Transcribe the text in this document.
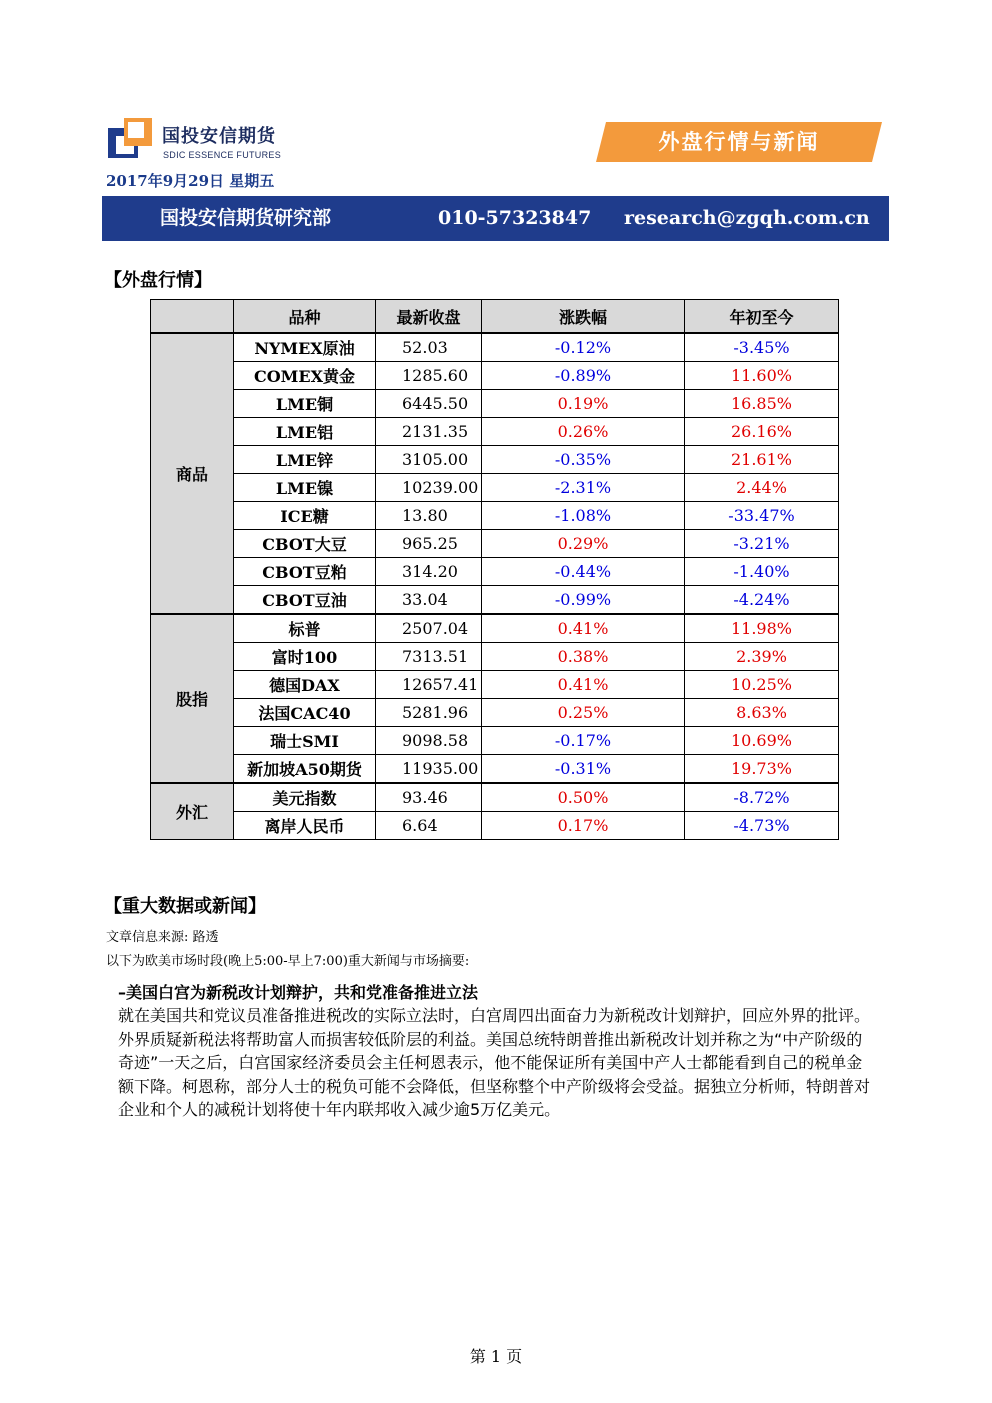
国投安信期货
SDIC ESSENCE FUTURES
2017年9月29日 星期五
外盘行情与新闻
国投安信期货研究部	010-57323847 research@zgqh.com.cn
【外盘行情】
	品种	最新收盘	涨跌幅	年初至今
商品	NYMEX原油	52.03	-0.12%	-3.45%
	COMEX黄金	1285.60	-0.89%	11.60%
	LME铜	6445.50	0.19%	16.85%
	LME铝	2131.35	0.26%	26.16%
	LME锌	3105.00	-0.35%	21.61%
	LME镍	10239.00	-2.31%	2.44%
	ICE糖	13.80	-1.08%	-33.47%
	CBOT大豆	965.25	0.29%	-3.21%
	CBOT豆粕	314.20	-0.44%	-1.40%
	CBOT豆油	33.04	-0.99%	-4.24%
股指	标普	2507.04	0.41%	11.98%
	富时100	7313.51	0.38%	2.39%
	德国DAX	12657.41	0.41%	10.25%
	法国CAC40	5281.96	0.25%	8.63%
	瑞士SMI	9098.58	-0.17%	10.69%
	新加坡A50期货	11935.00	-0.31%	19.73%
外汇	美元指数	93.46	0.50%	-8.72%
	离岸人民币	6.64	0.17%	-4.73%
【重大数据或新闻】
文章信息来源: 路透
以下为欧美市场时段(晚上5:00-早上7:00)重大新闻与市场摘要:
–美国白宫为新税改计划辩护，共和党准备推进立法

就在美国共和党议员准备推进税改的实际立法时，白宫周四出面奋力为新税改计划辩护，回应外界的批评。外界质疑新税法将帮助富人而损害较低阶层的利益。美国总统特朗普推出新税改计划并称之为“中产阶级的奇迹”一天之后，白宫国家经济委员会主任柯恩表示，他不能保证所有美国中产人士都能看到自己的税单金额下降。柯恩称，部分人士的税负可能不会降低，但坚称整个中产阶级将会受益。据独立分析师，特朗普对企业和个人的减税计划将使十年内联邦收入减少逾5万亿美元。

第 1 页
